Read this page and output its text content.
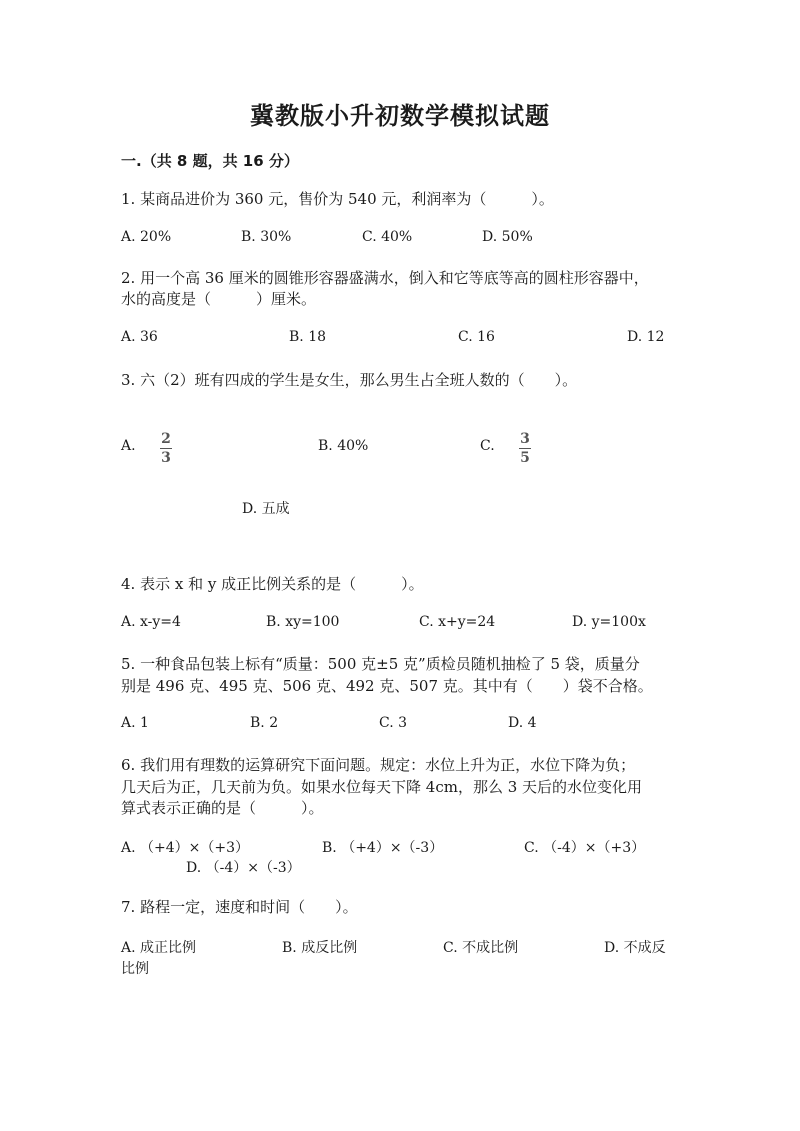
冀教版小升初数学模拟试题
一.（共 8 题，共 16 分）
1. 某商品进价为 360 元，售价为 540 元，利润率为（　　　）。
A. 20%	B. 30%	C. 40%	D. 50%
2. 用一个高 36 厘米的圆锥形容器盛满水，倒入和它等底等高的圆柱形容器中，
水的高度是（　　　）厘米。
A. 36	B. 18	C. 16	D. 12
3. 六（2）班有四成的学生是女生，那么男生占全班人数的（　　）。
A. 2
3
B. 40%	C. 3
5
D. 五成
4. 表示 x 和 y 成正比例关系的是（　　　）。
A. x-y=4	B. xy=100	C. x+y=24	D. y=100x
5. 一种食品包装上标有“质量：500 克±5 克”质检员随机抽检了 5 袋，质量分
别是 496 克、495 克、506 克、492 克、507 克。其中有（　　）袋不合格。
A. 1	B. 2	C. 3	D. 4
6. 我们用有理数的运算研究下面问题。规定：水位上升为正，水位下降为负；
几天后为正，几天前为负。如果水位每天下降 4cm，那么 3 天后的水位变化用
算式表示正确的是（　　　）。
A. （+4）×（+3）	B. （+4）×（-3）	C. （-4）×（+3）
D. （-4）×（-3）
7. 路程一定，速度和时间（　　）。
A. 成正比例	B. 成反比例	C. 不成比例	D. 不成反
比例
